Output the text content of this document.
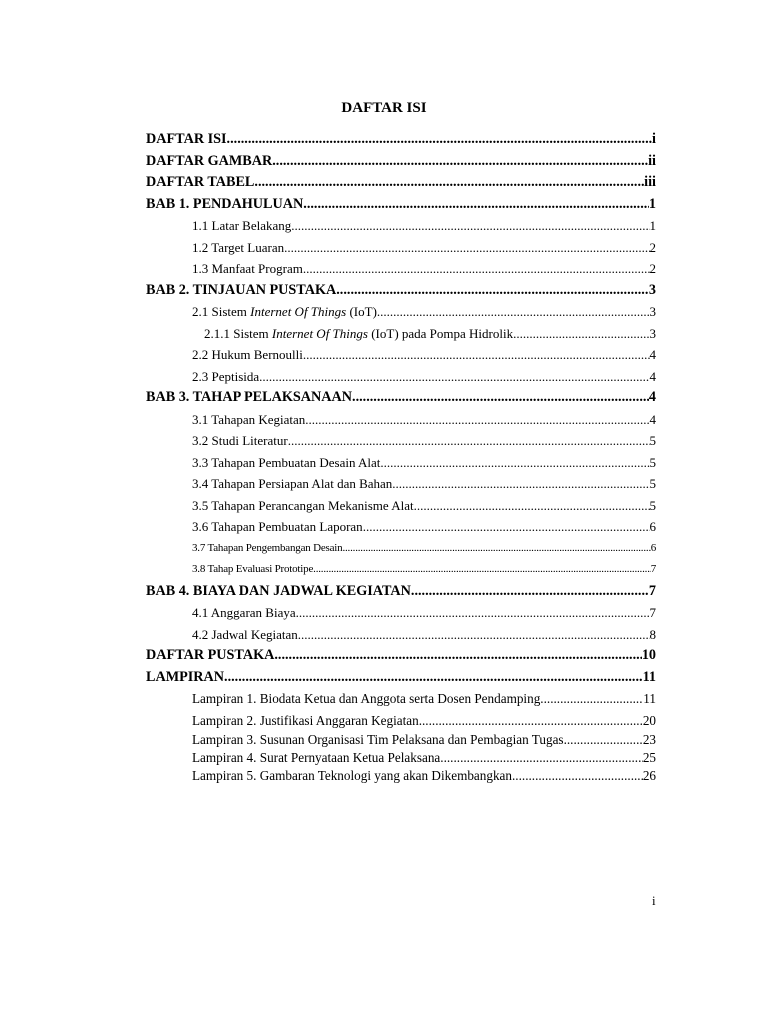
DAFTAR ISI
DAFTAR ISI .....	i
DAFTAR GAMBAR .....	ii
DAFTAR TABEL .....	iii
BAB 1. PENDAHULUAN .....	1
1.1 Latar Belakang .....	1
1.2 Target Luaran .....	2
1.3 Manfaat Program .....	2
BAB 2. TINJAUAN PUSTAKA .....	3
2.1 Sistem Internet Of Things (IoT) .....	3
2.1.1 Sistem Internet Of Things (IoT) pada Pompa Hidrolik .....	3
2.2 Hukum Bernoulli .....	4
2.3 Peptisida .....	4
BAB 3. TAHAP PELAKSANAAN .....	4
3.1 Tahapan Kegiatan .....	4
3.2 Studi Literatur .....	5
3.3 Tahapan Pembuatan Desain Alat .....	5
3.4 Tahapan Persiapan Alat dan Bahan .....	5
3.5 Tahapan Perancangan Mekanisme Alat .....	5
3.6 Tahapan Pembuatan Laporan .....	6
3.7 Tahapan Pengembangan Desain .....	6
3.8 Tahap Evaluasi Prototipe .....	7
BAB 4. BIAYA DAN JADWAL KEGIATAN .....	7
4.1 Anggaran Biaya .....	7
4.2 Jadwal Kegiatan .....	8
DAFTAR PUSTAKA .....	10
LAMPIRAN .....	11
Lampiran 1. Biodata Ketua dan Anggota serta Dosen Pendamping .....	11
Lampiran 2. Justifikasi Anggaran Kegiatan .....	20
Lampiran 3. Susunan Organisasi Tim Pelaksana dan Pembagian Tugas .....	23
Lampiran 4. Surat Pernyataan Ketua Pelaksana .....	25
Lampiran 5. Gambaran Teknologi yang akan Dikembangkan .....	26
i
